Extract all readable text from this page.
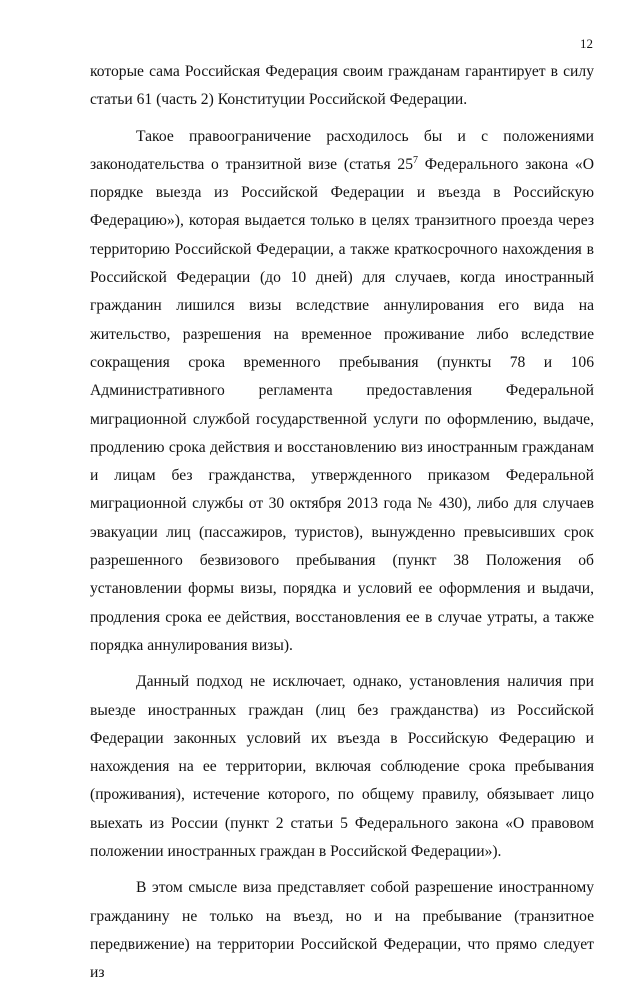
12

которые сама Российская Федерация своим гражданам гарантирует в силу статьи 61 (часть 2) Конституции Российской Федерации.

Такое правоограничение расходилось бы и с положениями законодательства о транзитной визе (статья $25^7$ Федерального закона «О порядке выезда из Российской Федерации и въезда в Российскую Федерацию»), которая выдается только в целях транзитного проезда через территорию Российской Федерации, а также краткосрочного нахождения в Российской Федерации (до 10 дней) для случаев, когда иностранный гражданин лишился визы вследствие аннулирования его вида на жительство, разрешения на временное проживание либо вследствие сокращения срока временного пребывания (пункты 78 и 106 Административного регламента предоставления Федеральной миграционной службой государственной услуги по оформлению, выдаче, продлению срока действия и восстановлению виз иностранным гражданам и лицам без гражданства, утвержденного приказом Федеральной миграционной службы от 30 октября 2013 года № 430), либо для случаев эвакуации лиц (пассажиров, туристов), вынужденно превысивших срок разрешенного безвизового пребывания (пункт 38 Положения об установлении формы визы, порядка и условий ее оформления и выдачи, продления срока ее действия, восстановления ее в случае утраты, а также порядка аннулирования визы).

Данный подход не исключает, однако, установления наличия при выезде иностранных граждан (лиц без гражданства) из Российской Федерации законных условий их въезда в Российскую Федерацию и нахождения на ее территории, включая соблюдение срока пребывания (проживания), истечение которого, по общему правилу, обязывает лицо выехать из России (пункт 2 статьи 5 Федерального закона «О правовом положении иностранных граждан в Российской Федерации»).

В этом смысле виза представляет собой разрешение иностранному гражданину не только на въезд, но и на пребывание (транзитное передвижение) на территории Российской Федерации, что прямо следует из
